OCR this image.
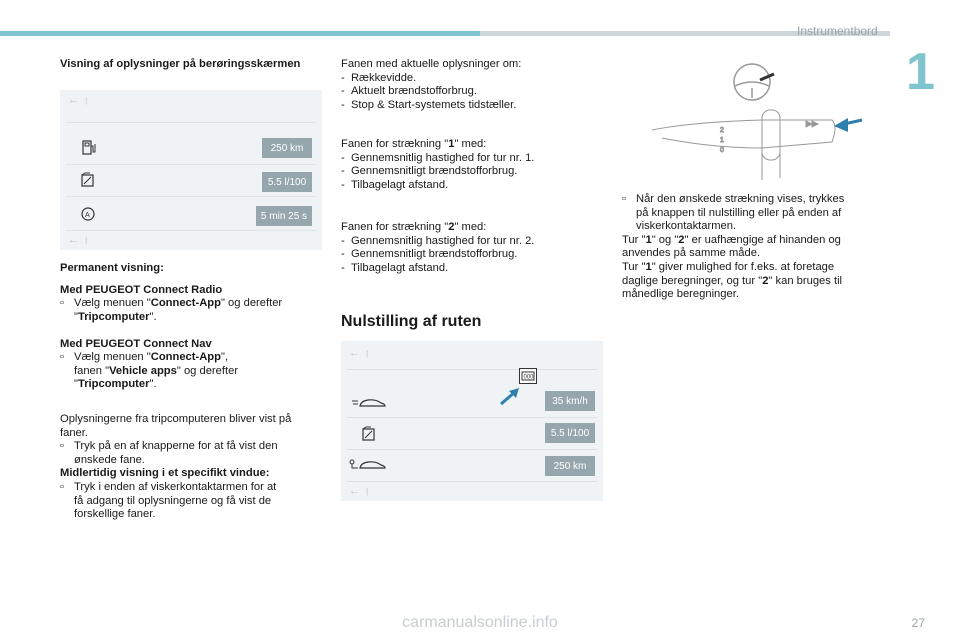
Instrumentbord
1
Visning af oplysninger på berøringsskærmen
←  |
A
250 km
5.5 l/100
5 min 25 s
←  |
Permanent visning:
Med PEUGEOT Connect Radio
▫ Vælg menuen "Connect-App" og derefter
"Tripcomputer".
Med PEUGEOT Connect Nav
▫ Vælg menuen "Connect-App",
fanen "Vehicle apps" og derefter
"Tripcomputer".
Oplysningerne fra tripcomputeren bliver vist på
faner.
▫ Tryk på en af knapperne for at få vist den
ønskede fane.
Midlertidig visning i et specifikt vindue:
▫ Tryk i enden af viskerkontaktarmen for at
få adgang til oplysningerne og få vist de
forskellige faner.
Fanen med aktuelle oplysninger om:
-  Rækkevidde.
-  Aktuelt brændstofforbrug.
-  Stop & Start-systemets tidstæller.
Fanen for strækning "1" med:
-  Gennemsnitlig hastighed for tur nr. 1.
-  Gennemsnitligt brændstofforbrug.
-  Tilbagelagt afstand.
Fanen for strækning "2" med:
-  Gennemsnitlig hastighed for tur nr. 2.
-  Gennemsnitligt brændstofforbrug.
-  Tilbagelagt afstand.
Nulstilling af ruten
←  |
000
35 km/h
5.5 l/100
250 km
←  |
2
1
0
▫ Når den ønskede strækning vises, trykkes
på knappen til nulstilling eller på enden af
viskerkontaktarmen.
Tur "1" og "2" er uafhængige af hinanden og
anvendes på samme måde.
Tur "1" giver mulighed for f.eks. at foretage
daglige beregninger, og tur "2" kan bruges til
månedlige beregninger.
carmanualsonline.info	27
